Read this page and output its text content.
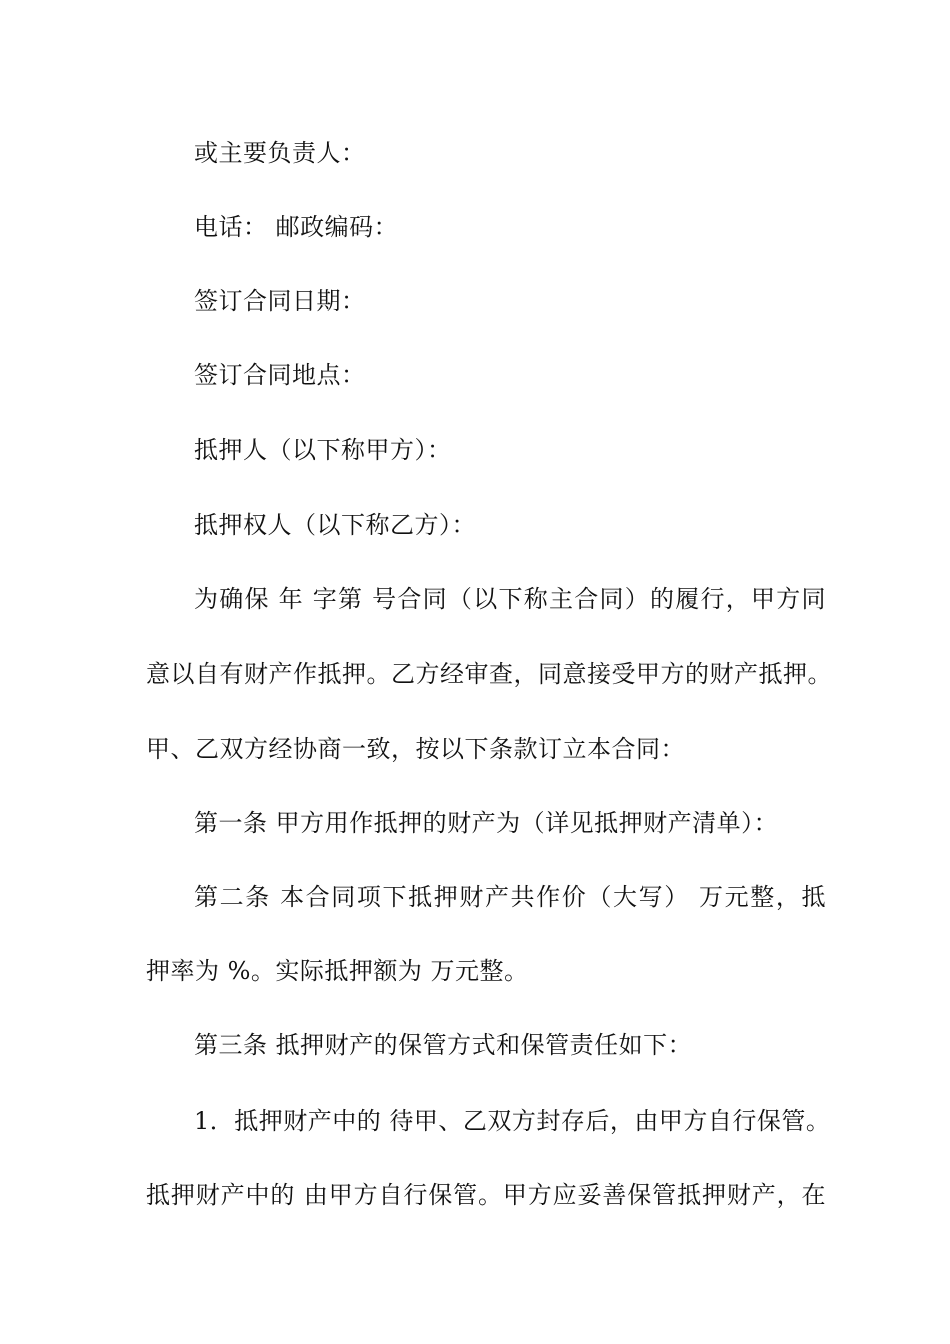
或主要负责人：
电话： 邮政编码：
签订合同日期：
签订合同地点：
抵押人（以下称甲方）：
抵押权人（以下称乙方）：
为确保 年 字第 号合同（以下称主合同）的履行，甲方同
意以自有财产作抵押。乙方经审查，同意接受甲方的财产抵押。
甲、乙双方经协商一致，按以下条款订立本合同：
第一条 甲方用作抵押的财产为（详见抵押财产清单）：
第二条 本合同项下抵押财产共作价（大写） 万元整，抵
押率为 %。实际抵押额为 万元整。
第三条 抵押财产的保管方式和保管责任如下：
1．抵押财产中的 待甲、乙双方封存后，由甲方自行保管。
抵押财产中的 由甲方自行保管。甲方应妥善保管抵押财产，在
